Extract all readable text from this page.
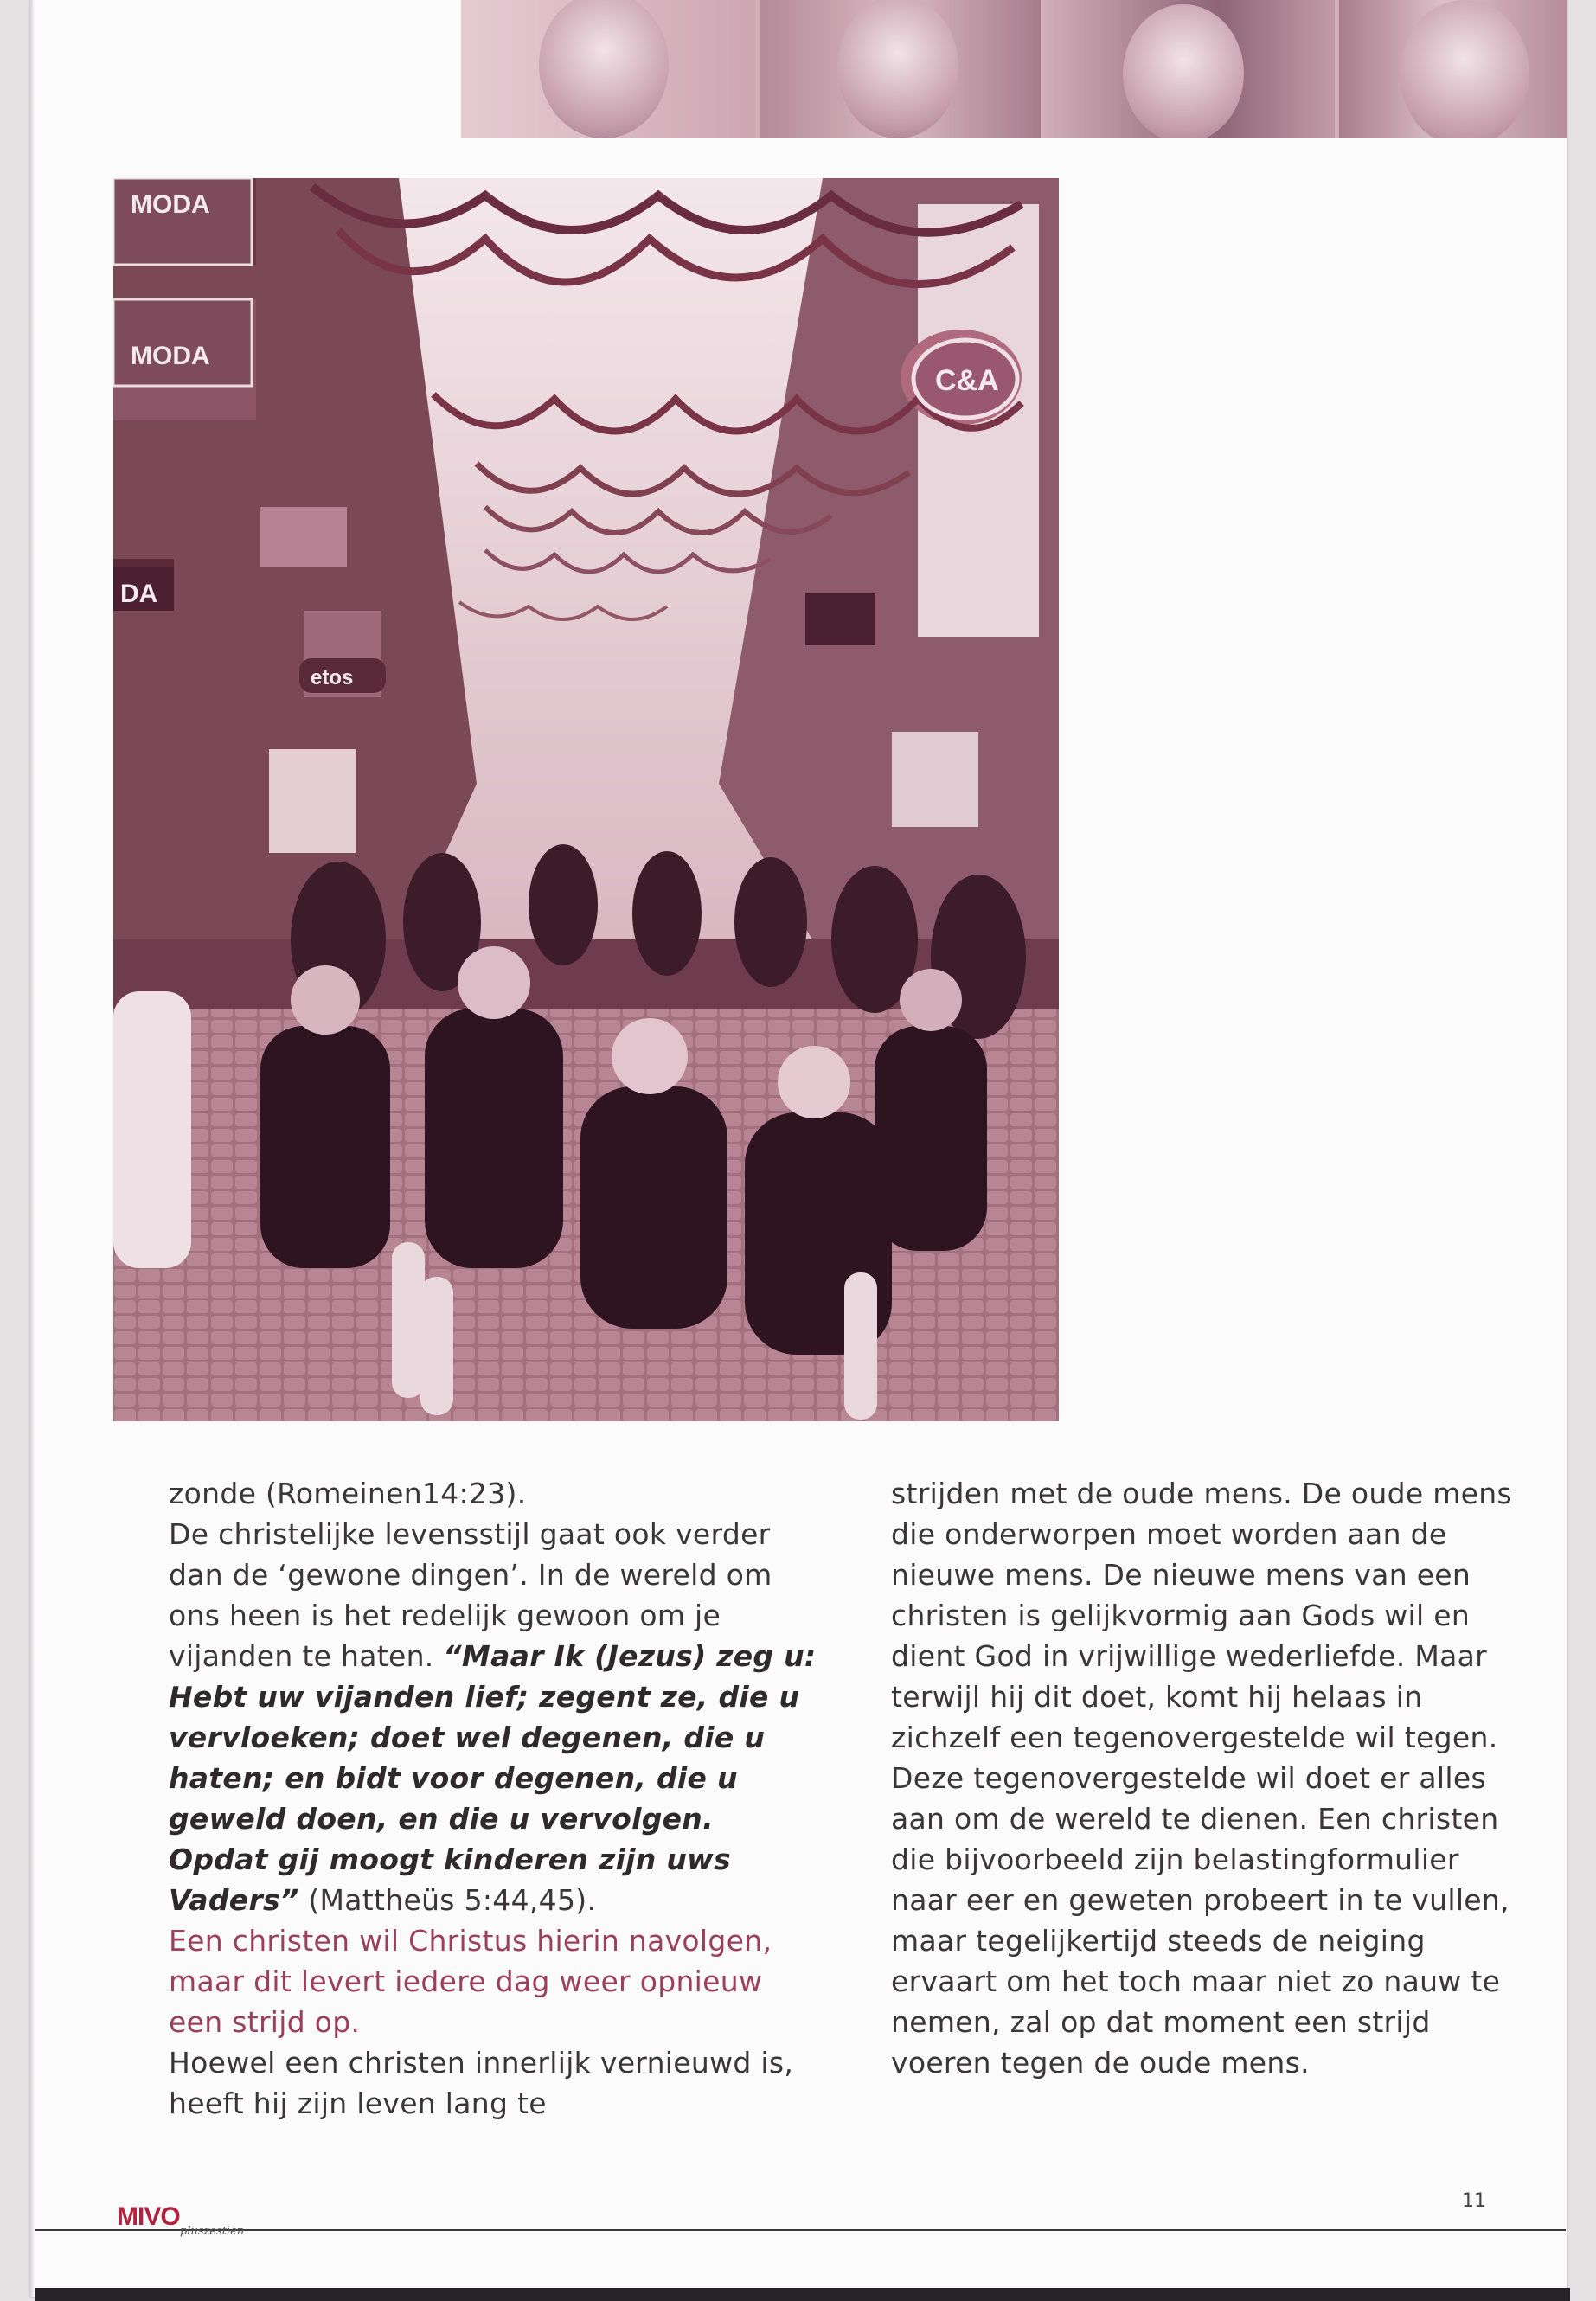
MODA
MODA
DA
C&A
etos

zonde (Romeinen14:23).

De christelijke levensstijl gaat ook verder dan de ‘gewone dingen’. In de wereld om ons heen is het redelijk gewoon om je vijanden te haten. “Maar Ik (Jezus) zeg u: Hebt uw vijanden lief; zegent ze, die u vervloeken; doet wel degenen, die u haten; en bidt voor degenen, die u geweld doen, en die u vervolgen. Opdat gij moogt kinderen zijn uws Vaders” (Mattheüs 5:44,45).

Een christen wil Christus hierin navolgen, maar dit levert iedere dag weer opnieuw een strijd op.

Hoewel een christen innerlijk vernieuwd is, heeft hij zijn leven lang te

strijden met de oude mens. De oude mens die onderworpen moet worden aan de nieuwe mens. De nieuwe mens van een christen is gelijkvormig aan Gods wil en dient God in vrijwillige wederliefde. Maar terwijl hij dit doet, komt hij helaas in zichzelf een tegenovergestelde wil tegen. Deze tegenovergestelde wil doet er alles aan om de wereld te dienen. Een christen die bijvoorbeeld zijn belastingformulier naar eer en geweten probeert in te vullen, maar tegelijkertijd steeds de neiging ervaart om het toch maar niet zo nauw te nemen, zal op dat moment een strijd voeren tegen de oude mens.

MIVO
pluszestien
11
